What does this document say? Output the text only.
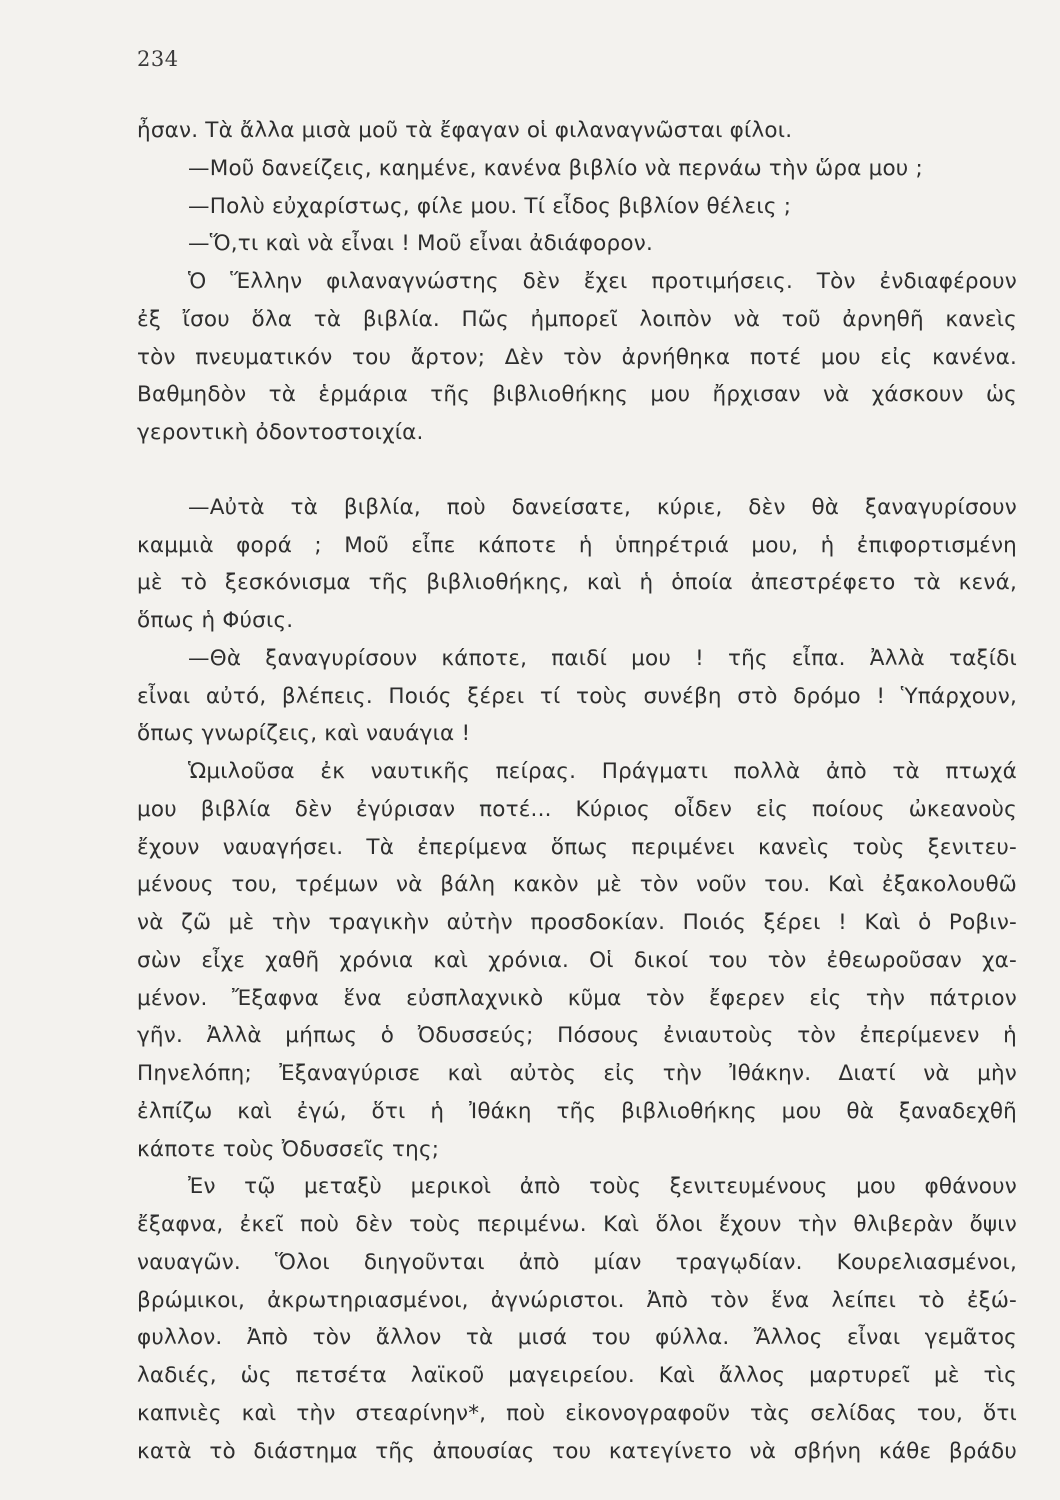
234
ἦσαν. Τὰ ἄλλα μισὰ μοῦ τὰ ἔφαγαν οἱ φιλαναγνῶσται φίλοι.
—Μοῦ δανείζεις, καημένε, κανένα βιβλίο νὰ περνάω τὴν ὥρα μου ;
—Πολὺ εὐχαρίστως, φίλε μου. Τί εἶδος βιβλίον θέλεις ;
—Ὅ,τι καὶ νὰ εἶναι ! Μοῦ εἶναι ἀδιάφορον.
Ὁ Ἕλλην φιλαναγνώστης δὲν ἔχει προτιμήσεις. Τὸν ἐνδιαφέρουν
ἐξ ἴσου ὅλα τὰ βιβλία. Πῶς ἠμπορεῖ λοιπὸν νὰ τοῦ ἀρνηθῆ κανεὶς
τὸν πνευματικόν του ἄρτον; Δὲν τὸν ἀρνήθηκα ποτέ μου εἰς κανένα.
Βαθμηδὸν τὰ ἑρμάρια τῆς βιβλιοθήκης μου ἤρχισαν νὰ χάσκουν ὡς
γεροντικὴ ὀδοντοστοιχία.
—Αὐτὰ τὰ βιβλία, ποὺ δανείσατε, κύριε, δὲν θὰ ξαναγυρίσουν
καμμιὰ φορά ; Μοῦ εἶπε κάποτε ἡ ὑπηρέτριά μου, ἡ ἐπιφορτισμένη
μὲ τὸ ξεσκόνισμα τῆς βιβλιοθήκης, καὶ ἡ ὁποία ἀπεστρέφετο τὰ κενά,
ὅπως ἡ Φύσις.
—Θὰ ξαναγυρίσουν κάποτε, παιδί μου ! τῆς εἶπα. Ἀλλὰ ταξίδι
εἶναι αὐτό, βλέπεις. Ποιός ξέρει τί τοὺς συνέβη στὸ δρόμο ! Ὑπάρχουν,
ὅπως γνωρίζεις, καὶ ναυάγια !
Ὡμιλοῦσα ἐκ ναυτικῆς πείρας. Πράγματι πολλὰ ἀπὸ τὰ πτωχά
μου βιβλία δὲν ἐγύρισαν ποτέ... Κύριος οἶδεν εἰς ποίους ὠκεανοὺς
ἔχουν ναυαγήσει. Τὰ ἐπερίμενα ὅπως περιμένει κανεὶς τοὺς ξενιτευ-
μένους του, τρέμων νὰ βάλη κακὸν μὲ τὸν νοῦν του. Καὶ ἐξακολουθῶ
νὰ ζῶ μὲ τὴν τραγικὴν αὐτὴν προσδοκίαν. Ποιός ξέρει ! Καὶ ὁ Ροβιν-
σὼν εἶχε χαθῆ χρόνια καὶ χρόνια. Οἱ δικοί του τὸν ἐθεωροῦσαν χα-
μένον. Ἔξαφνα ἕνα εὐσπλαχνικὸ κῦμα τὸν ἔφερεν εἰς τὴν πάτριον
γῆν. Ἀλλὰ μήπως ὁ Ὀδυσσεύς; Πόσους ἐνιαυτοὺς τὸν ἐπερίμενεν ἡ
Πηνελόπη; Ἐξαναγύρισε καὶ αὐτὸς εἰς τὴν Ἰθάκην. Διατί νὰ μὴν
ἐλπίζω καὶ ἐγώ, ὅτι ἡ Ἰθάκη τῆς βιβλιοθήκης μου θὰ ξαναδεχθῆ
κάποτε τοὺς Ὀδυσσεῖς της;
Ἐν τῷ μεταξὺ μερικοὶ ἀπὸ τοὺς ξενιτευμένους μου φθάνουν
ἔξαφνα, ἐκεῖ ποὺ δὲν τοὺς περιμένω. Καὶ ὅλοι ἔχουν τὴν θλιβερὰν ὄψιν
ναυαγῶν. Ὅλοι διηγοῦνται ἀπὸ μίαν τραγῳδίαν. Κουρελιασμένοι,
βρώμικοι, ἀκρωτηριασμένοι, ἀγνώριστοι. Ἀπὸ τὸν ἕνα λείπει τὸ ἐξώ-
φυλλον. Ἀπὸ τὸν ἄλλον τὰ μισά του φύλλα. Ἄλλος εἶναι γεμᾶτος
λαδιές, ὡς πετσέτα λαϊκοῦ μαγειρείου. Καὶ ἄλλος μαρτυρεῖ μὲ τὶς
καπνιὲς καὶ τὴν στεαρίνην*, ποὺ εἰκονογραφοῦν τὰς σελίδας του, ὅτι
κατὰ τὸ διάστημα τῆς ἀπουσίας του κατεγίνετο νὰ σβήνη κάθε βράδυ
